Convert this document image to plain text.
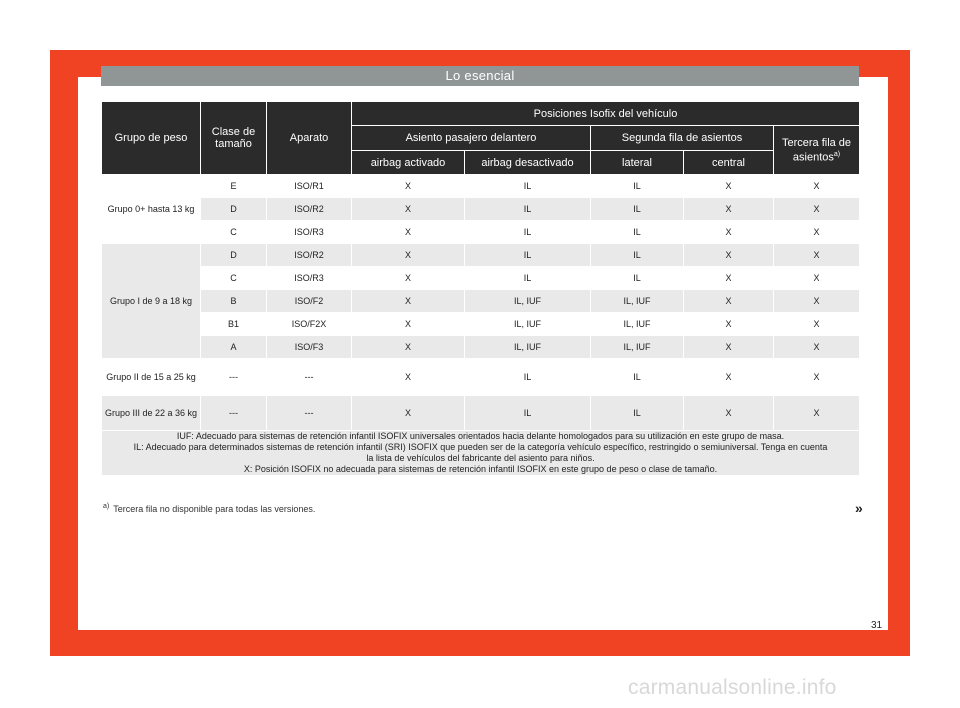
Lo esencial
Grupo de peso	Clase de tamaño	Aparato	Posiciones Isofix del vehículo				
			Asiento pasajero delantero		Segunda fila de asientos		Tercera fila de asientos$^{a)}$
			airbag activado	airbag desactivado	lateral	central	
Grupo 0+ hasta 13 kg	E	ISO/R1	X	IL	IL	X	X
	D	ISO/R2	X	IL	IL	X	X
	C	ISO/R3	X	IL	IL	X	X
Grupo I de 9 a 18 kg	D	ISO/R2	X	IL	IL	X	X
	C	ISO/R3	X	IL	IL	X	X
	B	ISO/F2	X	IL, IUF	IL, IUF	X	X
	B1	ISO/F2X	X	IL, IUF	IL, IUF	X	X
	A	ISO/F3	X	IL, IUF	IL, IUF	X	X
Grupo II de 15 a 25 kg	---	---	X	IL	IL	X	X
Grupo III de 22 a 36 kg	---	---	X	IL	IL	X	X

IUF: Adecuado para sistemas de retención infantil ISOFIX universales orientados hacia delante homologados para su utilización en este grupo de masa.
IL: Adecuado para determinados sistemas de retención infantil (SRI) ISOFIX que pueden ser de la categoría vehículo específico, restringido o semiuniversal. Tenga en cuenta
la lista de vehículos del fabricante del asiento para niños.
X: Posición ISOFIX no adecuada para sistemas de retención infantil ISOFIX en este grupo de peso o clase de tamaño.							
$^{a)}$ Tercera fila no disponible para todas las versiones.	»
31
carmanualsonline.info
